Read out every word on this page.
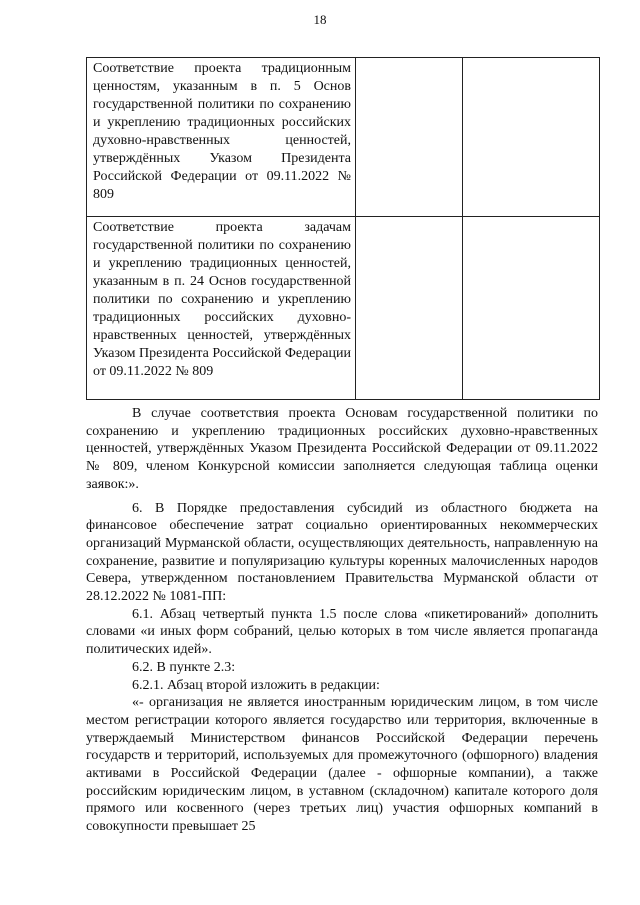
18
Соответствие проекта традиционным ценностям, указанным в п. 5 Основ государственной политики по сохранению и укреплению традиционных российских духовно-нравственных ценностей, утверждённых Указом Президента Российской Федерации от 09.11.2022 № 809		

Соответствие проекта задачам государственной политики по сохранению и укреплению традиционных ценностей, указанным в п. 24 Основ государственной политики по сохранению и укреплению традиционных российских духовно-нравственных ценностей, утверждённых Указом Президента Российской Федерации от 09.11.2022 № 809		

В случае соответствия проекта Основам государственной политики по сохранению и укреплению традиционных российских духовно-нравственных ценностей, утверждённых Указом Президента Российской Федерации от 09.11.2022 № 809, членом Конкурсной комиссии заполняется следующая таблица оценки заявок:».

6. В Порядке предоставления субсидий из областного бюджета на финансовое обеспечение затрат социально ориентированных некоммерческих организаций Мурманской области, осуществляющих деятельность, направленную на сохранение, развитие и популяризацию культуры коренных малочисленных народов Севера, утвержденном постановлением Правительства Мурманской области от 28.12.2022 № 1081-ПП:

6.1. Абзац четвертый пункта 1.5 после слова «пикетирований» дополнить словами «и иных форм собраний, целью которых в том числе является пропаганда политических идей».

6.2. В пункте 2.3:

6.2.1. Абзац второй изложить в редакции:

«- организация не является иностранным юридическим лицом, в том числе местом регистрации которого является государство или территория, включенные в утверждаемый Министерством финансов Российской Федерации перечень государств и территорий, используемых для промежуточного (офшорного) владения активами в Российской Федерации (далее - офшорные компании), а также российским юридическим лицом, в уставном (складочном) капитале которого доля прямого или косвенного (через третьих лиц) участия офшорных компаний в совокупности превышает 25
